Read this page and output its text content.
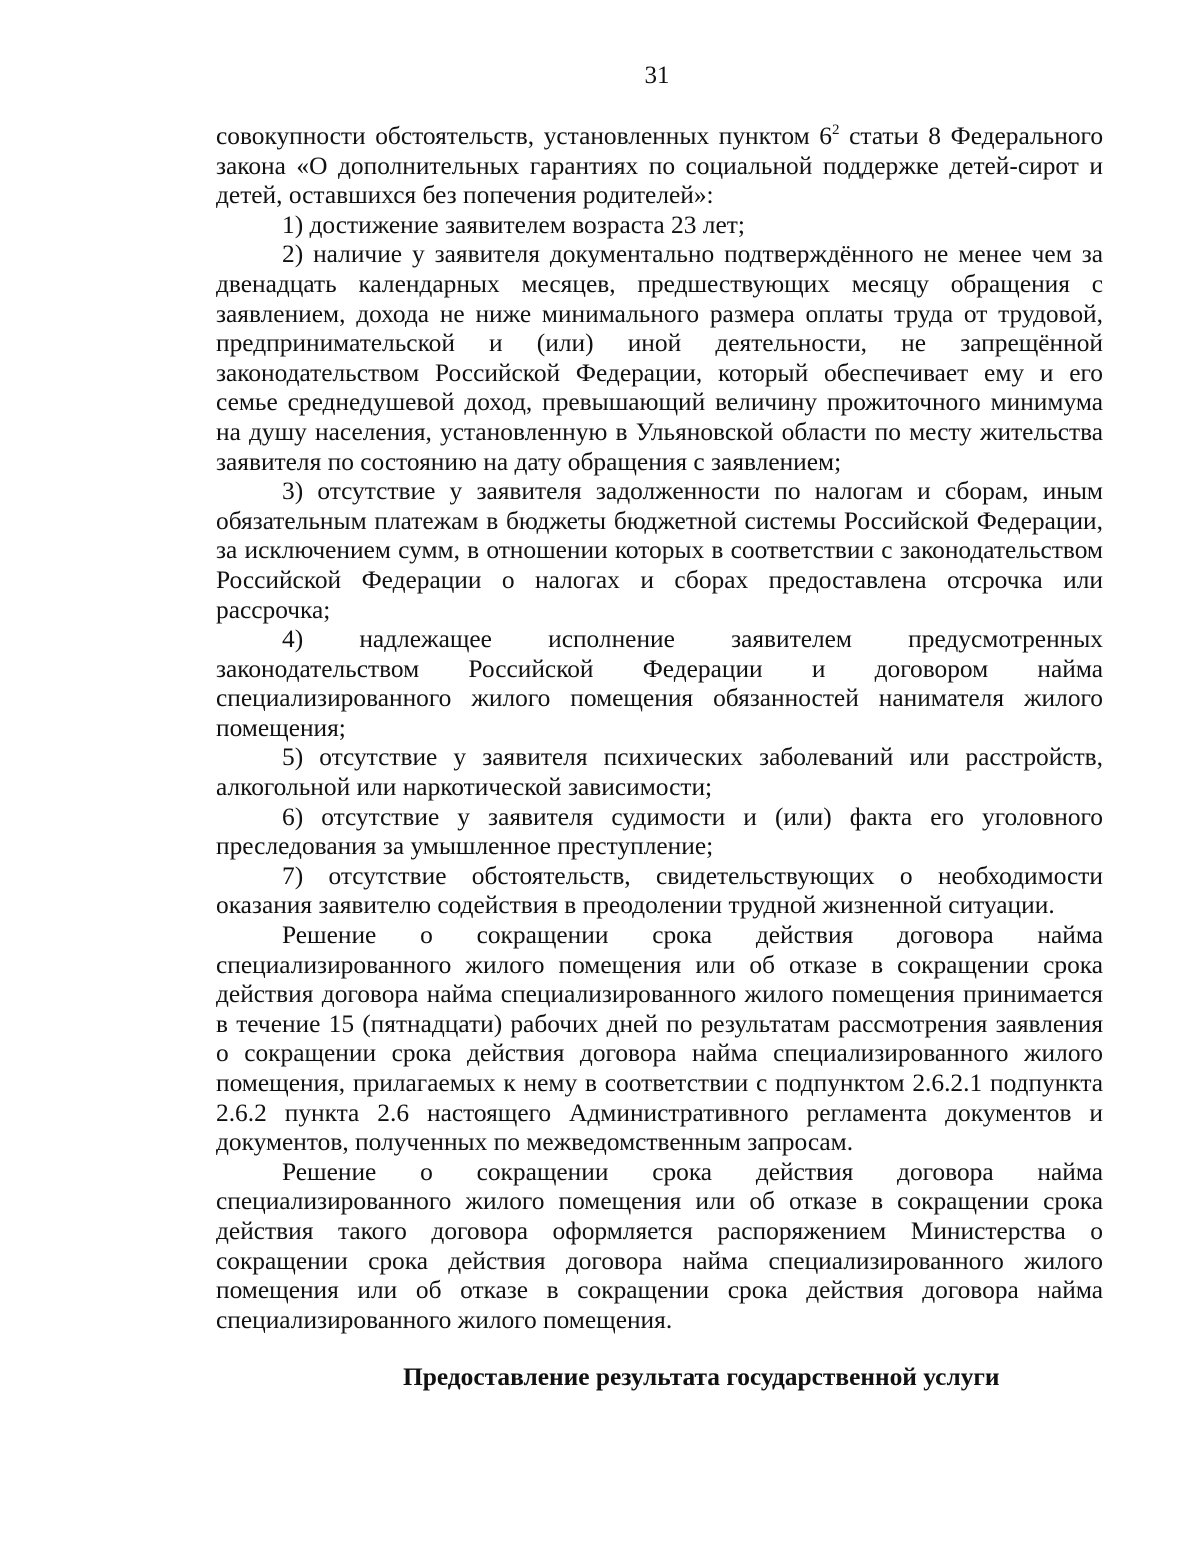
31

совокупности обстоятельств, установленных пунктом $6^2$ статьи 8 Федерального закона «О дополнительных гарантиях по социальной поддержке детей-сирот и детей, оставшихся без попечения родителей»:

1) достижение заявителем возраста 23 лет;

2) наличие у заявителя документально подтверждённого не менее чем за двенадцать календарных месяцев, предшествующих месяцу обращения с заявлением, дохода не ниже минимального размера оплаты труда от трудовой, предпринимательской и (или) иной деятельности, не запрещённой законодательством Российской Федерации, который обеспечивает ему и его семье среднедушевой доход, превышающий величину прожиточного минимума на душу населения, установленную в Ульяновской области по месту жительства заявителя по состоянию на дату обращения с заявлением;

3) отсутствие у заявителя задолженности по налогам и сборам, иным обязательным платежам в бюджеты бюджетной системы Российской Федерации, за исключением сумм, в отношении которых в соответствии с законодательством Российской Федерации о налогах и сборах предоставлена отсрочка или рассрочка;

4) надлежащее исполнение заявителем предусмотренных законодательством Российской Федерации и договором найма специализированного жилого помещения обязанностей нанимателя жилого помещения;

5) отсутствие у заявителя психических заболеваний или расстройств, алкогольной или наркотической зависимости;

6) отсутствие у заявителя судимости и (или) факта его уголовного преследования за умышленное преступление;

7) отсутствие обстоятельств, свидетельствующих о необходимости оказания заявителю содействия в преодолении трудной жизненной ситуации.

Решение о сокращении срока действия договора найма специализированного жилого помещения или об отказе в сокращении срока действия договора найма специализированного жилого помещения принимается в течение 15 (пятнадцати) рабочих дней по результатам рассмотрения заявления о сокращении срока действия договора найма специализированного жилого помещения, прилагаемых к нему в соответствии с подпунктом 2.6.2.1 подпункта 2.6.2 пункта 2.6 настоящего Административного регламента документов и документов, полученных по межведомственным запросам.

Решение о сокращении срока действия договора найма специализированного жилого помещения или об отказе в сокращении срока действия такого договора оформляется распоряжением Министерства о сокращении срока действия договора найма специализированного жилого помещения или об отказе в сокращении срока действия договора найма специализированного жилого помещения.

Предоставление результата государственной услуги
